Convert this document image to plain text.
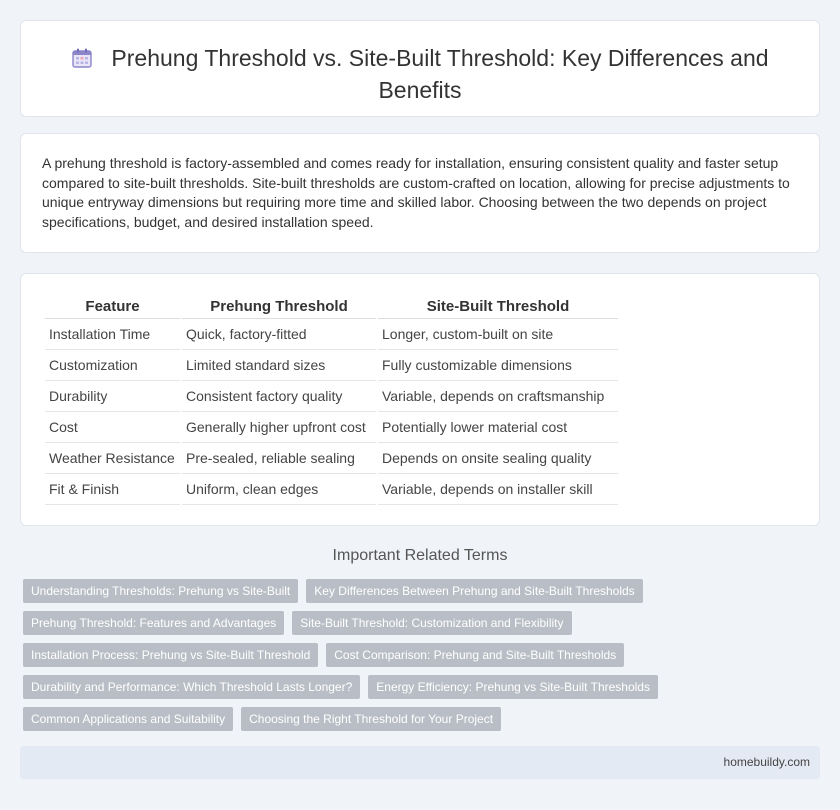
Prehung Threshold vs. Site-Built Threshold: Key Differences and Benefits

A prehung threshold is factory-assembled and comes ready for installation, ensuring consistent quality and faster setup compared to site-built thresholds. Site-built thresholds are custom-crafted on location, allowing for precise adjustments to unique entryway dimensions but requiring more time and skilled labor. Choosing between the two depends on project specifications, budget, and desired installation speed.

Feature	Prehung Threshold	Site-Built Threshold
Installation Time	Quick, factory-fitted	Longer, custom-built on site
Customization	Limited standard sizes	Fully customizable dimensions
Durability	Consistent factory quality	Variable, depends on craftsmanship
Cost	Generally higher upfront cost	Potentially lower material cost
Weather Resistance	Pre-sealed, reliable sealing	Depends on onsite sealing quality
Fit & Finish	Uniform, clean edges	Variable, depends on installer skill
Important Related Terms
Understanding Thresholds: Prehung vs Site-Built	Key Differences Between Prehung and Site-Built Thresholds
Prehung Threshold: Features and Advantages	Site-Built Threshold: Customization and Flexibility
Installation Process: Prehung vs Site-Built Threshold	Cost Comparison: Prehung and Site-Built Thresholds
Durability and Performance: Which Threshold Lasts Longer?	Energy Efficiency: Prehung vs Site-Built Thresholds
Common Applications and Suitability	Choosing the Right Threshold for Your Project
homebuildy.com
